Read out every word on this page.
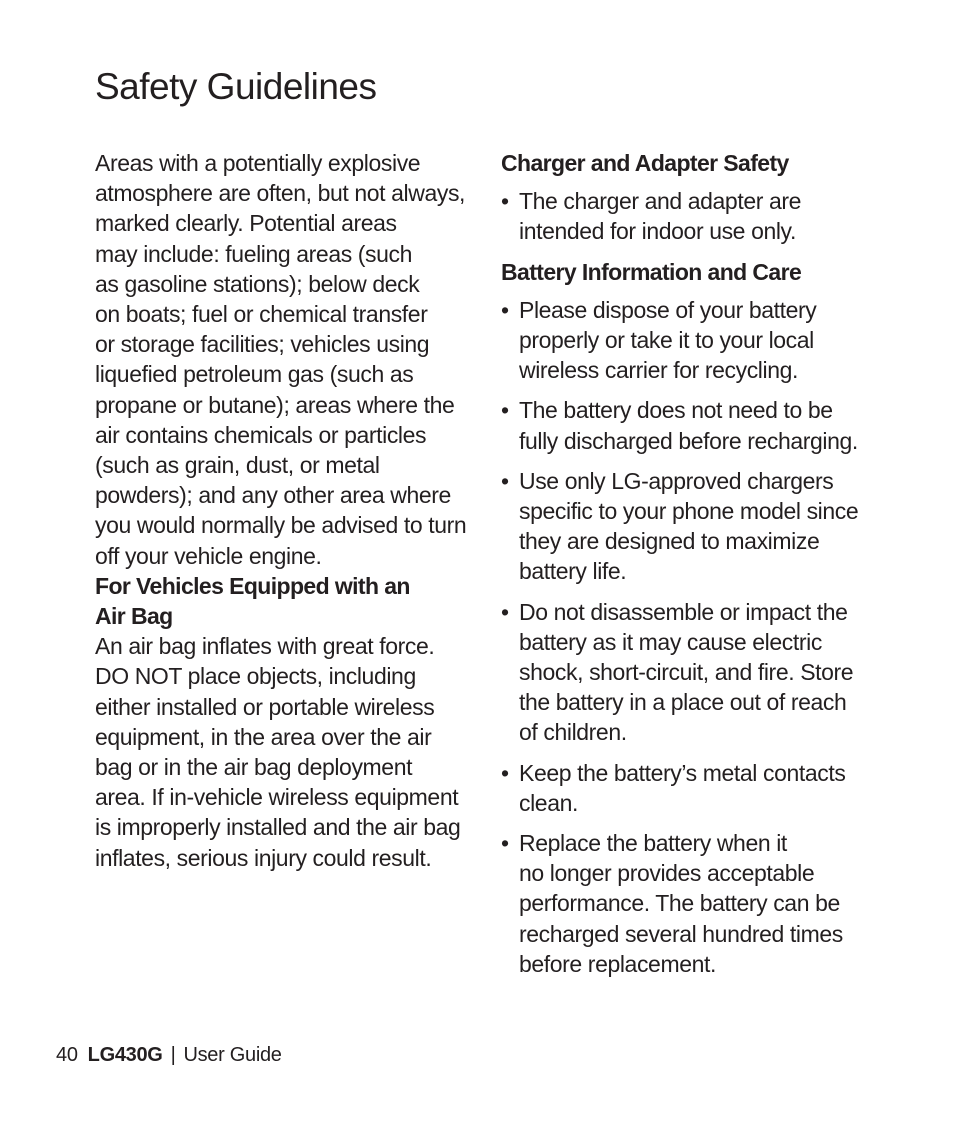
Safety Guidelines

Areas with a potentially explosive
atmosphere are often, but not always,
marked clearly. Potential areas
may include: fueling areas (such
as gasoline stations); below deck
on boats; fuel or chemical transfer
or storage facilities; vehicles using
liquefied petroleum gas (such as
propane or butane); areas where the
air contains chemicals or particles
(such as grain, dust, or metal
powders); and any other area where
you would normally be advised to turn
off your vehicle engine.

For Vehicles Equipped with an
Air Bag

An air bag inflates with great force.
DO NOT place objects, including
either installed or portable wireless
equipment, in the area over the air
bag or in the air bag deployment
area. If in-vehicle wireless equipment
is improperly installed and the air bag
inflates, serious injury could result.

Charger and Adapter Safety
• The charger and adapter are
intended for indoor use only.
Battery Information and Care
• Please dispose of your battery
properly or take it to your local
wireless carrier for recycling.
• The battery does not need to be
fully discharged before recharging.
• Use only LG-approved chargers
specific to your phone model since
they are designed to maximize
battery life.
• Do not disassemble or impact the
battery as it may cause electric
shock, short-circuit, and fire. Store
the battery in a place out of reach
of children.
• Keep the battery’s metal contacts
clean.
• Replace the battery when it
no longer provides acceptable
performance. The battery can be
recharged several hundred times
before replacement.
40 LG430G | User Guide
